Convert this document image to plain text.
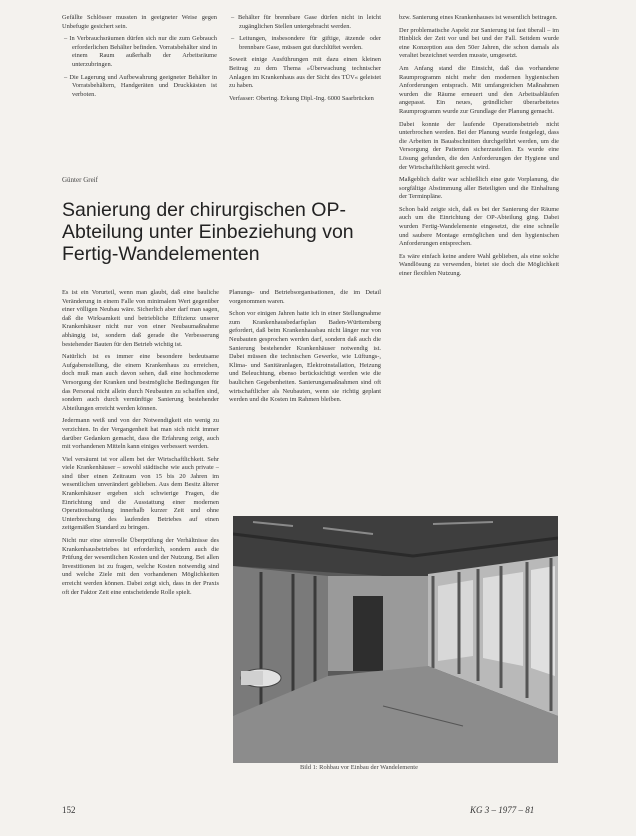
Gefällte Schlösser mussten in geeigneter Weise gegen Unbefugte gesichert sein.

– In Verbrauchsräumen dürfen sich nur die zum Gebrauch erforderlichen Behälter befinden. Vorratsbehälter sind in einem Raum außerhalb der Arbeitsräume unterzubringen.

– Die Lagerung und Aufbewahrung geeigneter Behälter in Vorratsbehältern, Handgeräten und Druckkästen ist verboten.

– Behälter für brennbare Gase dürfen nicht in leicht zugänglichen Stellen untergebracht werden.

– Leitungen, insbesondere für giftige, ätzende oder brennbare Gase, müssen gut durchlüftet werden.

Soweit einige Ausführungen mit dazu einen kleinen Beitrag zu dem Thema »Überwachung technischer Anlagen im Krankenhaus aus der Sicht des TÜV« geleistet zu haben.

Verfasser: Obering. Erkung Dipl.-Ing. 6000 Saarbrücken

Günter Greif
Sanierung der chirurgischen OP-Abteilung unter Einbeziehung von Fertig-Wandelementen

Es ist ein Vorurteil, wenn man glaubt, daß eine bauliche Veränderung in einem Falle von minimalem Wert gegenüber einer völligen Neubau wäre. Sicherlich aber darf man sagen, daß die Wirksamkeit und betriebliche Effizienz unserer Krankenhäuser nicht nur von einer Neubaumaßnahme abhängig ist, sondern daß gerade die Verbesserung bestehender Bauten für den Betrieb wichtig ist.

Natürlich ist es immer eine besondere bedeutsame Aufgabenstellung, die einem Krankenhaus zu erreichen, doch muß man auch davon sehen, daß eine hochmoderne Versorgung der Kranken und bestmögliche Bedingungen für das Personal nicht allein durch Neubauten zu schaffen sind, sondern auch durch vernünftige Sanierung bestehender Abteilungen erreicht werden können.

Jedermann weiß und von der Notwendigkeit ein wenig zu verzichten. In der Vergangenheit hat man sich nicht immer darüber Gedanken gemacht, dass die Erfahrung zeigt, auch mit vorhandenen Mitteln kann einiges verbessert werden.

Viel versäumt ist vor allem bei der Wirtschaftlichkeit. Sehr viele Krankenhäuser – sowohl städtische wie auch private – sind über einen Zeitraum von 15 bis 20 Jahren im wesentlichen unverändert geblieben. Aus dem Besitz älterer Krankenhäuser ergeben sich schwierige Fragen, die Einrichtung und die Ausstattung einer modernen Operationsabteilung innerhalb kurzer Zeit und ohne Unterbrechung des laufenden Betriebes auf einen zeitgemäßen Standard zu bringen.

Nicht nur eine sinnvolle Überprüfung der Verhältnisse des Krankenhausbetriebes ist erforderlich, sondern auch die Prüfung der wesentlichen Kosten und der Nutzung. Bei allen Investitionen ist zu fragen, welche Kosten notwendig sind und welche Ziele mit den vorhandenen Möglichkeiten erreicht werden können. Dabei zeigt sich, dass in der Praxis oft der Faktor Zeit eine entscheidende Rolle spielt.

Planungs- und Betriebsorganisationen, die im Detail vorgenommen waren.

Schon vor einigen Jahren hatte ich in einer Stellungnahme zum Krankenhausbedarfsplan Baden-Württemberg gefordert, daß beim Krankenhausbau nicht länger nur von Neubauten gesprochen werden darf, sondern daß auch die Sanierung bestehender Krankenhäuser notwendig ist. Dabei müssen die technischen Gewerke, wie Lüftungs-, Klima- und Sanitäranlagen, Elektroinstallation, Heizung und Beleuchtung, ebenso berücksichtigt werden wie die baulichen Gegebenheiten. Sanierungsmaßnahmen sind oft wirtschaftlicher als Neubauten, wenn sie richtig geplant werden und die Kosten im Rahmen bleiben.

bzw. Sanierung eines Krankenhauses ist wesentlich beitragen.

Der problematische Aspekt zur Sanierung ist fast überall – im Hinblick der Zeit vor und bei und der Fall. Seitdem wurde eine Konzeption aus den 50er Jahren, die schon damals als veraltet bezeichnet werden musste, umgesetzt.

Am Anfang stand die Einsicht, daß das vorhandene Raumprogramm nicht mehr den modernen hygienischen Anforderungen entsprach. Mit umfangreichen Maßnahmen wurden die Räume erneuert und den Arbeitsabläufen angepasst. Ein neues, gründlicher überarbeitetes Raumprogramm wurde zur Grundlage der Planung gemacht.

Dabei konnte der laufende Operationsbetrieb nicht unterbrochen werden. Bei der Planung wurde festgelegt, dass die Arbeiten in Bauabschnitten durchgeführt werden, um die Versorgung der Patienten sicherzustellen. Es wurde eine Lösung gefunden, die den Anforderungen der Hygiene und der Wirtschaftlichkeit gerecht wird.

Maßgeblich dafür war schließlich eine gute Vorplanung, die sorgfältige Abstimmung aller Beteiligten und die Einhaltung der Terminpläne.

Schon bald zeigte sich, daß es bei der Sanierung der Räume auch um die Einrichtung der OP-Abteilung ging. Dabei wurden Fertig-Wandelemente eingesetzt, die eine schnelle und saubere Montage ermöglichen und den hygienischen Anforderungen entsprechen.

Es wäre einfach keine andere Wahl geblieben, als eine solche Wandlösung zu verwenden, bietet sie doch die Möglichkeit einer flexiblen Nutzung.

Bild 1: Rohbau vor Einbau der Wandelemente
152	KG 3 – 1977 – 81
